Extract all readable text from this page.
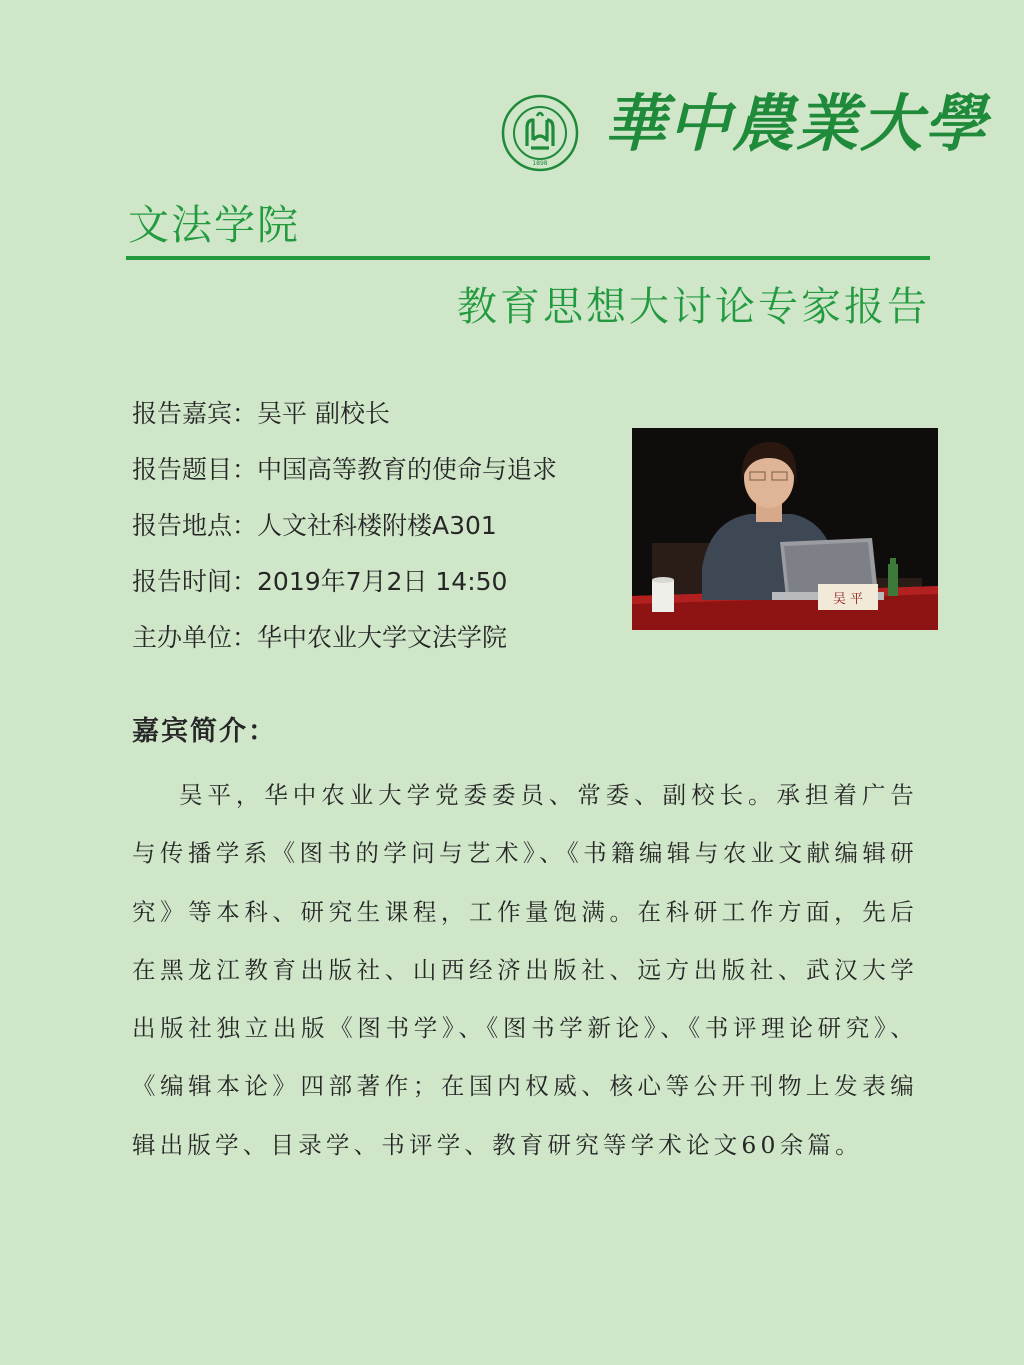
1898
華中農業大學
文法学院
教育思想大讨论专家报告
报告嘉宾：吴平 副校长
报告题目：中国高等教育的使命与追求
报告地点：人文社科楼附楼A301
报告时间：2019年7月2日 14:50
主办单位：华中农业大学文法学院
吴 平
嘉宾简介：

吴平，华中农业大学党委委员、常委、副校长。承担着广告与传播学系《图书的学问与艺术》、《书籍编辑与农业文献编辑研究》等本科、研究生课程，工作量饱满。在科研工作方面，先后在黑龙江教育出版社、山西经济出版社、远方出版社、武汉大学出版社独立出版《图书学》、《图书学新论》、《书评理论研究》、《编辑本论》四部著作；在国内权威、核心等公开刊物上发表编辑出版学、目录学、书评学、教育研究等学术论文60余篇。
